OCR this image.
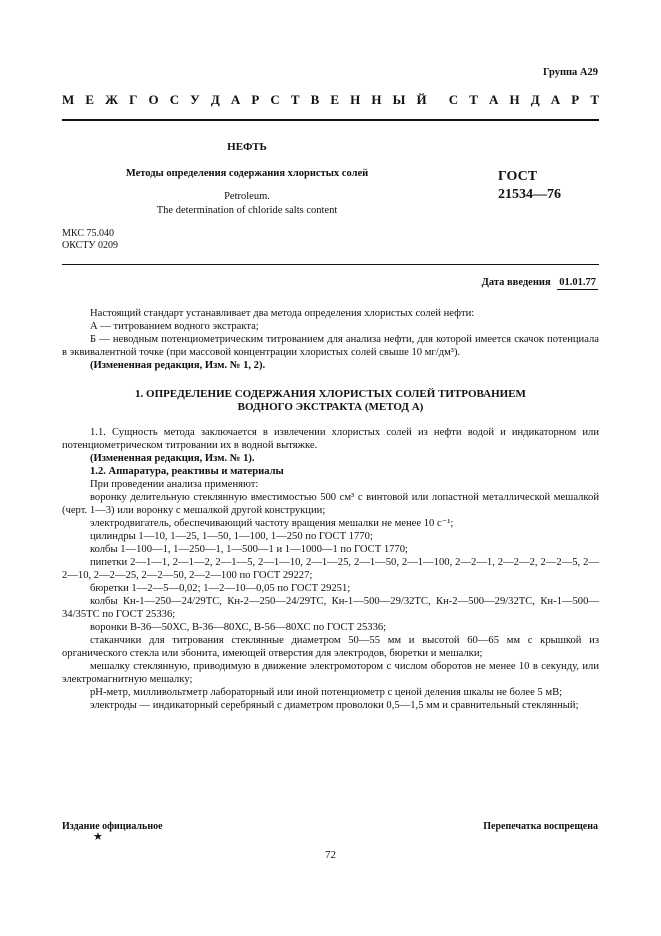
Группа А29
М Е Ж Г О С У Д А Р С Т В Е Н Н Ы Й С Т А Н Д А Р Т
НЕФТЬ
Методы определения содержания хлористых солей
Petroleum.
The determination of chloride salts content
ГОСТ
21534—76
МКС 75.040
ОКСТУ 0209
Дата введения 01.01.77

Настоящий стандарт устанавливает два метода определения хлористых солей нефти:

А — титрованием водного экстракта;

Б — неводным потенциометрическим титрованием для анализа нефти, для которой имеется скачок потенциала в эквивалентной точке (при массовой концентрации хлористых солей свыше 10 мг/дм³).

(Измененная редакция, Изм. № 1, 2).

1. ОПРЕДЕЛЕНИЕ СОДЕРЖАНИЯ ХЛОРИСТЫХ СОЛЕЙ ТИТРОВАНИЕМ
ВОДНОГО ЭКСТРАКТА (МЕТОД А)

1.1. Сущность метода заключается в извлечении хлористых солей из нефти водой и индикаторном или потенциометрическом титровании их в водной вытяжке.

(Измененная редакция, Изм. № 1).

1.2. Аппаратура, реактивы и материалы

При проведении анализа применяют:

воронку делительную стеклянную вместимостью 500 см³ с винтовой или лопастной металлической мешалкой (черт. 1—3) или воронку с мешалкой другой конструкции;

электродвигатель, обеспечивающий частоту вращения мешалки не менее 10 с⁻¹;

цилиндры 1—10, 1—25, 1—50, 1—100, 1—250 по ГОСТ 1770;

колбы 1—100—1, 1—250—1, 1—500—1 и 1—1000—1 по ГОСТ 1770;

пипетки 2—1—1, 2—1—2, 2—1—5, 2—1—10, 2—1—25, 2—1—50, 2—1—100, 2—2—1, 2—2—2, 2—2—5, 2—2—10, 2—2—25, 2—2—50, 2—2—100 по ГОСТ 29227;

бюретки 1—2—5—0,02; 1—2—10—0,05 по ГОСТ 29251;

колбы Кн-1—250—24/29ТС, Кн-2—250—24/29ТС, Кн-1—500—29/32ТС, Кн-2—500—29/32ТС, Кн-1—500—34/35ТС по ГОСТ 25336;

воронки В-36—50ХС, В-36—80ХС, В-56—80ХС по ГОСТ 25336;

стаканчики для титрования стеклянные диаметром 50—55 мм и высотой 60—65 мм с крышкой из органического стекла или эбонита, имеющей отверстия для электродов, бюретки и мешалки;

мешалку стеклянную, приводимую в движение электромотором с числом оборотов не менее 10 в секунду, или электромагнитную мешалку;

рН-метр, милливольтметр лабораторный или иной потенциометр с ценой деления шкалы не более 5 мВ;

электроды — индикаторный серебряный с диаметром проволоки 0,5—1,5 мм и сравнительный стеклянный;

Издание официальное	Перепечатка воспрещена
★
72
